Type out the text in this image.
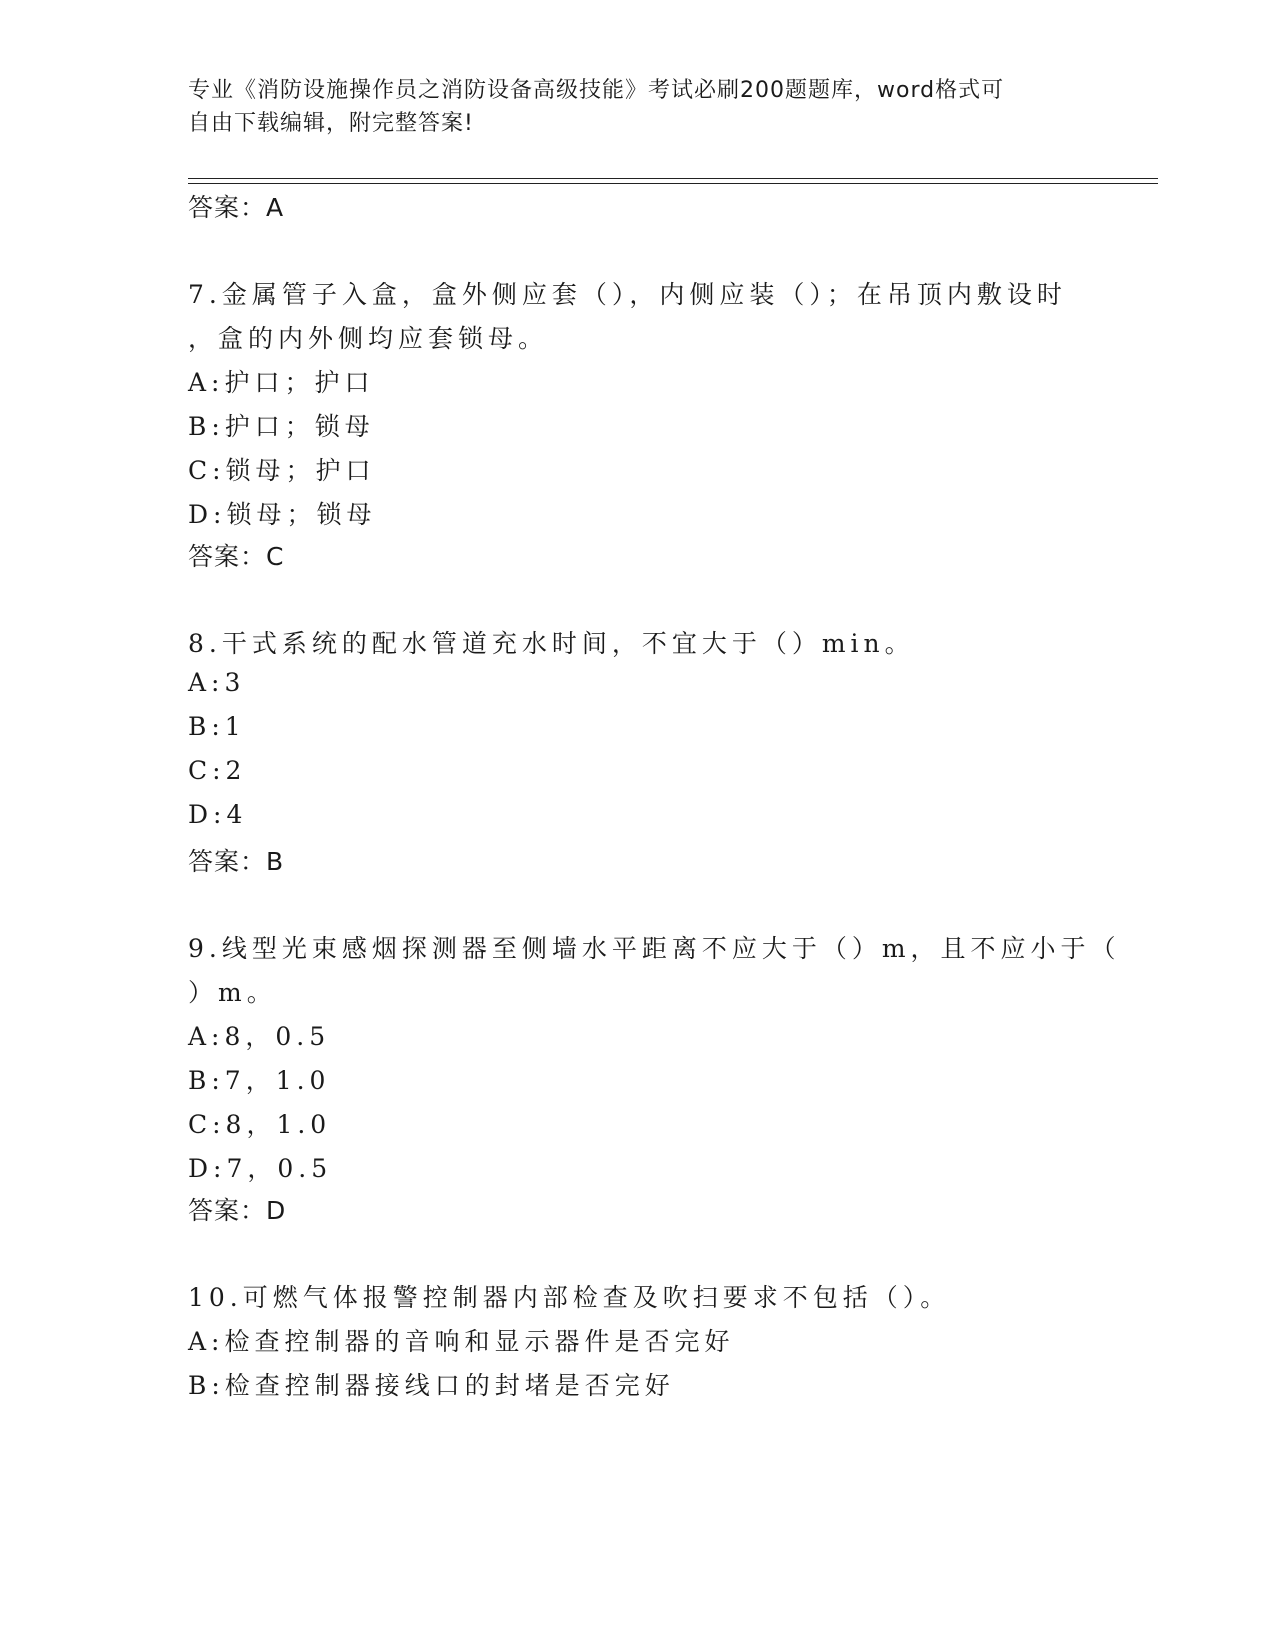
专业《消防设施操作员之消防设备高级技能》考试必刷200题题库，word格式可
自由下载编辑，附完整答案!
答案：A
7.金属管子入盒，盒外侧应套（），内侧应装（）；在吊顶内敷设时
，盒的内外侧均应套锁母。
A:护口；护口
B:护口；锁母
C:锁母；护口
D:锁母；锁母
答案：C
8.干式系统的配水管道充水时间，不宜大于（）min。
A:3
B:1
C:2
D:4
答案：B
9.线型光束感烟探测器至侧墙水平距离不应大于（）m，且不应小于（
）m。
A:8，0.5
B:7，1.0
C:8，1.0
D:7，0.5
答案：D
10.可燃气体报警控制器内部检查及吹扫要求不包括（）。
A:检查控制器的音响和显示器件是否完好
B:检查控制器接线口的封堵是否完好
